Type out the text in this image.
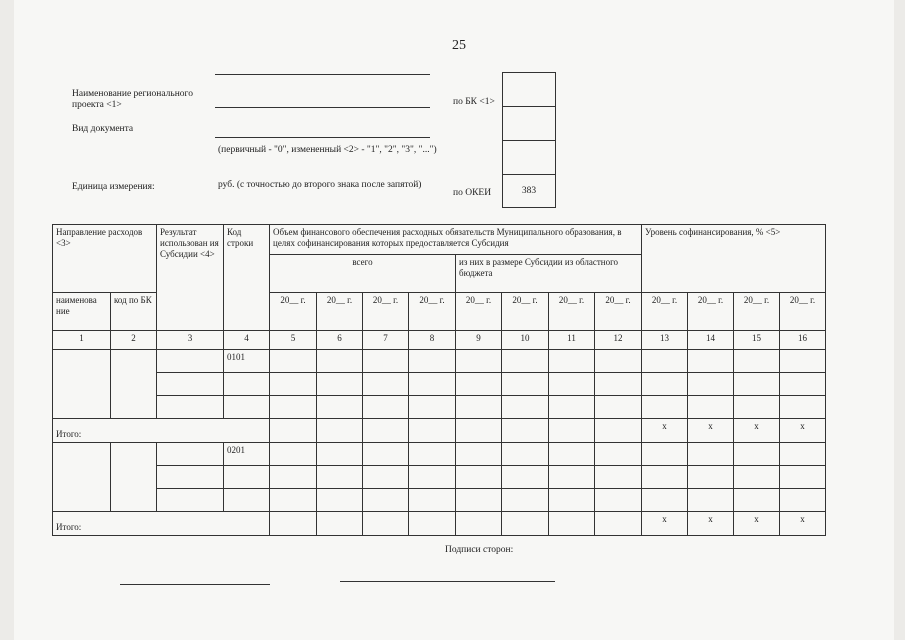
25
Наименование регионального проекта <1>
Вид документа
Единица измерения:
(первичный - "0", измененный <2> - "1", "2", "3", "...")
руб. (с точностью до второго знака после запятой)
по БК <1>
по ОКЕИ	383
Направление расходов <3>		Результат использован ия Субсидии <4>	Код строки	Объем финансового обеспечения расходных обязательств Муниципального образования, в целях софинансирования которых предоставляется Субсидия								Уровень софинансирования, % <5>			
				всего				из них в размере Субсидии из областного бюджета							
наименова ние	код по БК			20__ г.	20__ г.	20__ г.	20__ г.	20__ г.	20__ г.	20__ г.	20__ г.	20__ г.	20__ г.	20__ г.	20__ г.
1	2	3	4	5	6	7	8	9	10	11	12	13	14	15	16
			0101												

Итого:												x	x	x	x
			0201												

Итого:												x	x	x	x
Подписи сторон:
